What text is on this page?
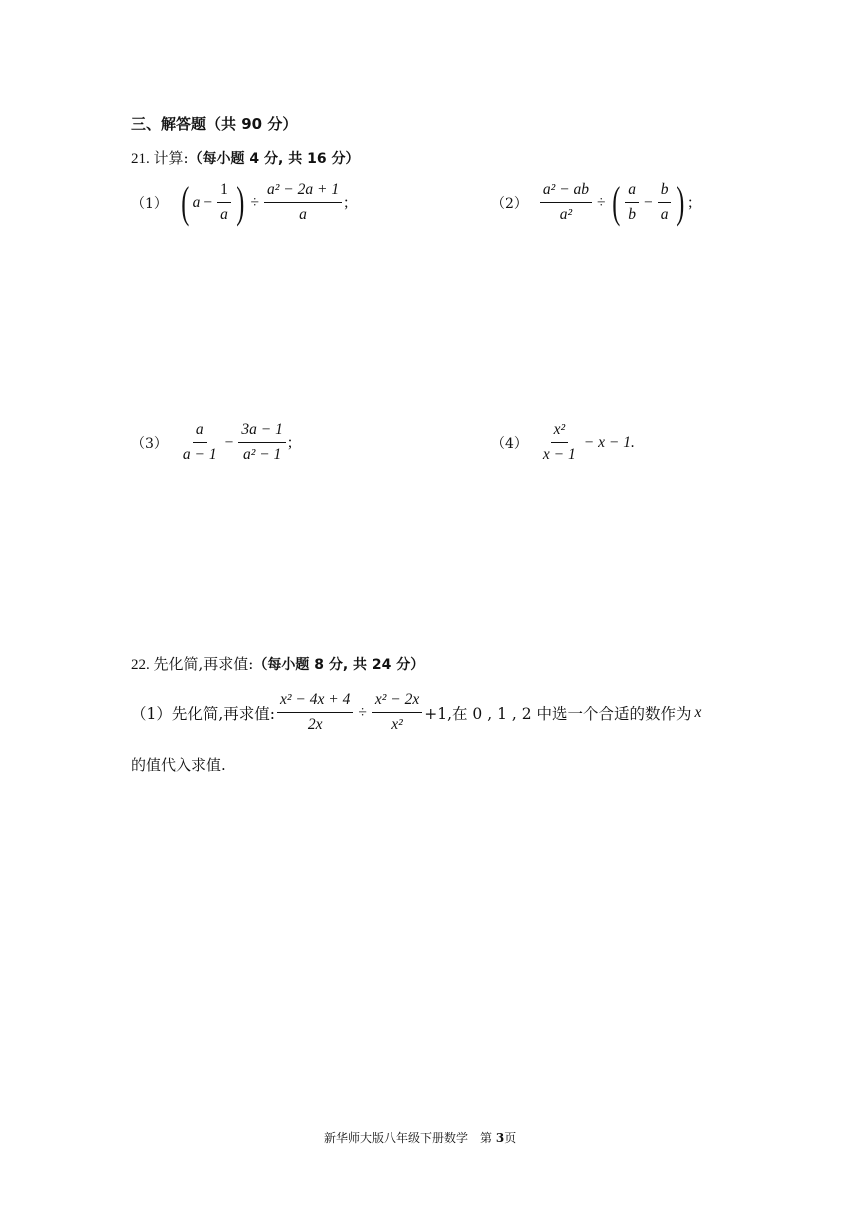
三、解答题（共 90 分）
21. 计算:（每小题 4 分, 共 16 分）
（1） ( $a - \frac{1}{a}$ ) ÷ $\frac{\text{a² − 2a + 1}}{a}$ ;	$(2) \frac{\text{a² − ab}}{\text{a²}}$ ÷ ( $\frac{a}{b} - \frac{b}{a}$ ) ;
$(3) \frac{a}{a - 1} - \frac{3a - 1}{\text{a² − 1}}$ ;	$(4) \frac{\text{x²}}{x - 1} - x - 1$.
22. 先化简,再求值:（每小题 8 分, 共 24 分）
（1）先化简,再求值: $\frac{\text{x² − 4x + 4}}{2x} \div \frac{\text{x² − 2x}}{\text{x²}} +1$,在 0 , 1 , 2 中选一个合适的数作为 x
的值代入求值.
新华师大版八年级下册数学　第 3页
